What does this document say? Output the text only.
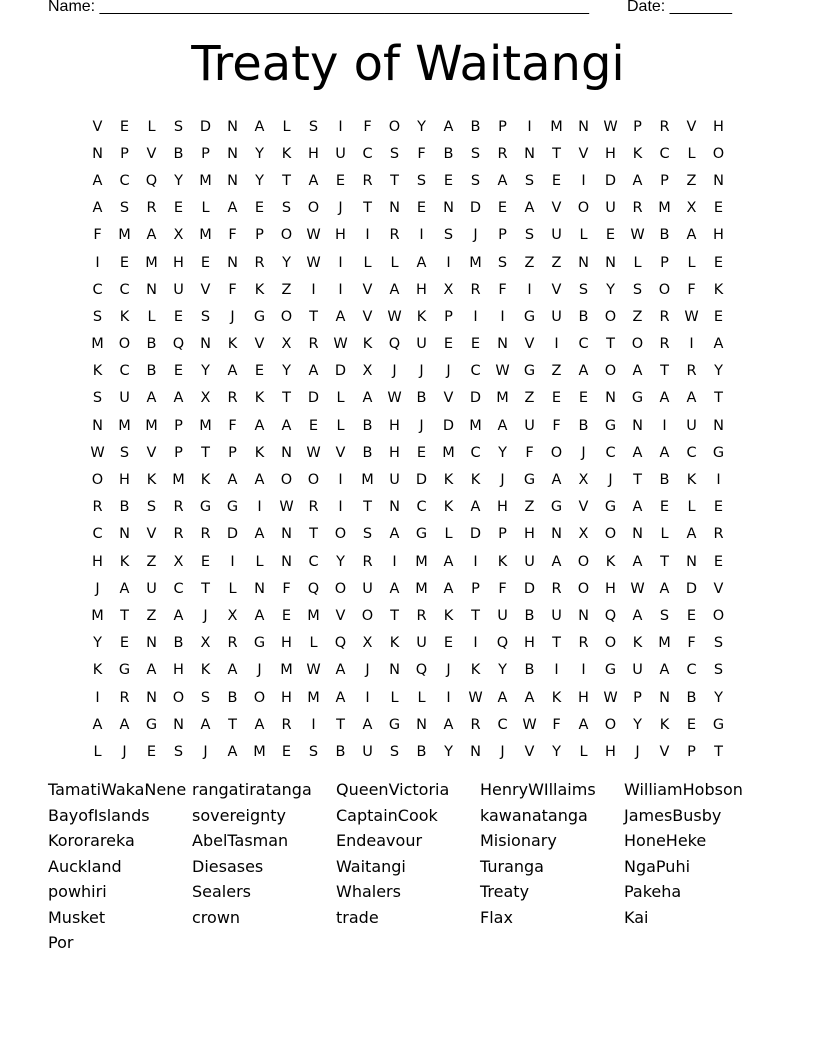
Name: _______________________________________________________ Date: _______
Treaty of Waitangi
V	E	L	S	D	N	A	L	S	I	F	O	Y	A	B	P	I	M	N W	P	R	V	H
N	P	V	B	P	N	Y	K	H	U	C	S	F	B	S	R	N	T	V	H	K	C	L	O
A	C	Q	Y	M	N	Y	T	A	E	R	T	S	E	S	A	S	E	I	D	A	P	Z	N
A	S	R	E	L	A	E	S	O	J	T	N	E	N	D	E	A	V	O	U	R	M	X	E
F	M	A	X	M	F	P	O W H	I	R	I	S	J	P	S	U	L	E	W	B	A	H
I	E	M	H	E	N	R	Y	W	I	L	L	A	I	M	S	Z	Z	N	N	L	P	L	E
C	C	N	U	V	F	K	Z	I	I	V	A	H	X	R	F	I	V	S	Y	S	O	F	K
S	K	L	E	S	J	G	O	T	A	V	W	K	P	I	I	G	U	B	O	Z	R	W	E
M	O	B	Q	N	K	V	X	R	W	K	Q	U	E	E	N	V	I	C	T	O	R	I	A
K	C	B	E	Y	A	E	Y	A	D	X	J	J	J	C	W G	Z	A	O	A	T	R	Y
S	U	A	A	X	R	K	T	D	L	A	W	B	V	D	M	Z	E	E	N	G	A	A	T
N	M M	P	M	F	A	A	E	L	B	H	J	D	M	A	U	F	B	G	N	I	U	N
W	S	V	P	T	P	K	N W	V	B	H	E	M	C	Y	F	O	J	C	A	A	C	G
O	H	K	M	K	A	A	O	O	I	M	U	D	K	K	J	G	A	X	J	T	B	K	I
R	B	S	R	G	G	I	W	R	I	T	N	C	K	A	H	Z	G	V	G	A	E	L	E
C	N	V	R	R	D	A	N	T	O	S	A	G	L	D	P	H	N	X	O	N	L	A	R
H	K	Z	X	E	I	L	N	C	Y	R	I	M	A	I	K	U	A	O	K	A	T	N	E
J	A	U	C	T	L	N	F	Q	O	U	A	M	A	P	F	D	R	O	H W	A	D	V
M	T	Z	A	J	X	A	E	M	V	O	T	R	K	T	U	B	U	N	Q	A	S	E	O
Y	E	N	B	X	R	G	H	L	Q	X	K	U	E	I	Q	H	T	R	O	K	M	F	S
K	G	A	H	K	A	J	M W	A	J	N	Q	J	K	Y	B	I	I	G	U	A	C	S
I	R	N	O	S	B	O	H	M	A	I	L	L	I	W	A	A	K	H W	P	N	B	Y
A	A	G	N	A	T	A	R	I	T	A	G	N	A	R	C	W	F	A	O	Y	K	E	G
L	J	E	S	J	A	M	E	S	B	U	S	B	Y	N	J	V	Y	L	H	J	V	P	T
TamatiWakaNene rangatiratanga	QueenVictoria	HenryWIllaims	WilliamHobson
BayofIslands	sovereignty	CaptainCook	kawanatanga	JamesBusby
Kororareka	AbelTasman	Endeavour	Misionary	HoneHeke
Auckland	Diesases	Waitangi	Turanga	NgaPuhi
powhiri	Sealers	Whalers	Treaty	Pakeha
Musket	crown	trade	Flax	Kai
Por
